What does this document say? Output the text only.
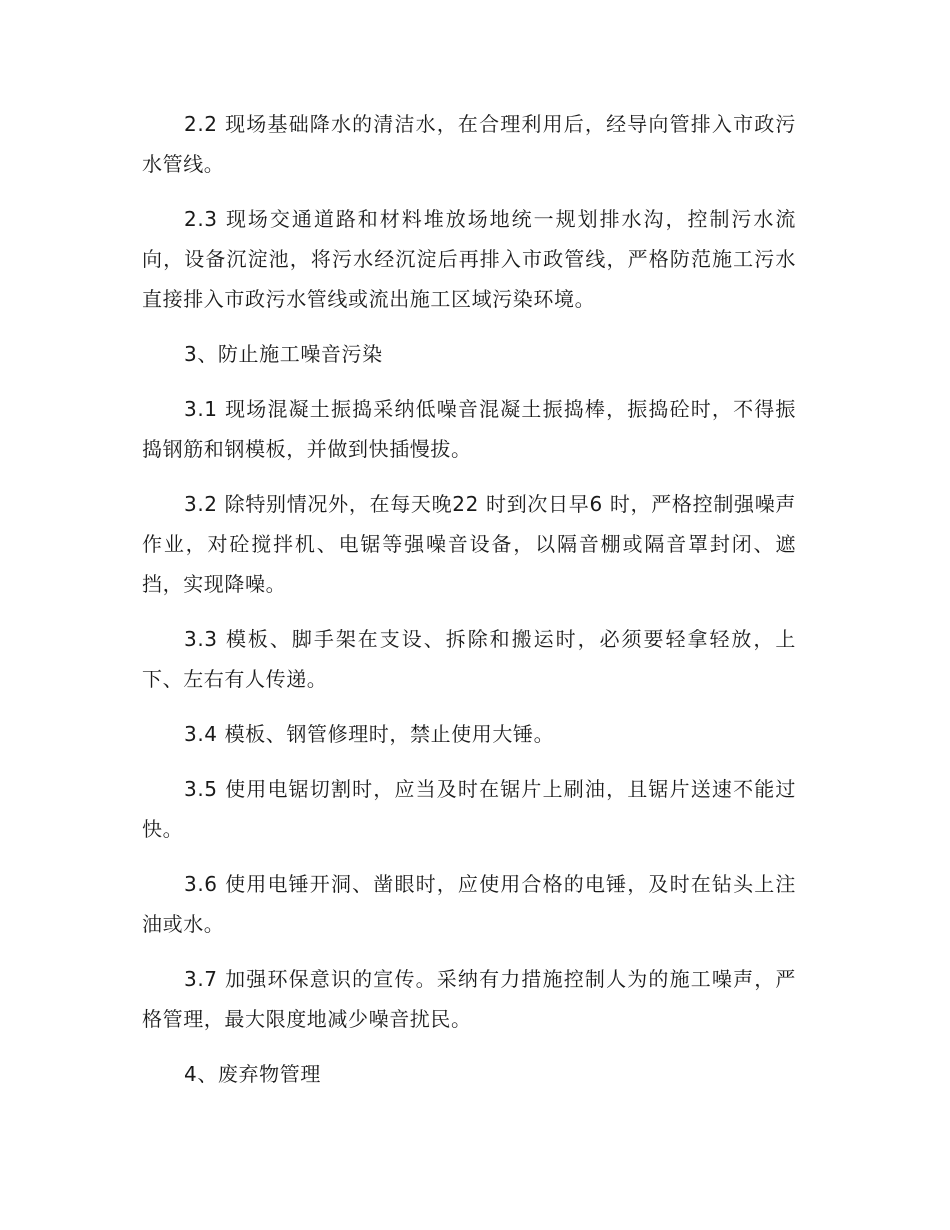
2.2 现场基础降水的清洁水，在合理利用后，经导向管排入市政污水管线。

2.3 现场交通道路和材料堆放场地统一规划排水沟，控制污水流向，设备沉淀池，将污水经沉淀后再排入市政管线，严格防范施工污水直接排入市政污水管线或流出施工区域污染环境。

3、防止施工噪音污染

3.1 现场混凝土振捣采纳低噪音混凝土振捣棒，振捣砼时，不得振捣钢筋和钢模板，并做到快插慢拔。

3.2 除特别情况外，在每天晚22 时到次日早6 时，严格控制强噪声作业，对砼搅拌机、电锯等强噪音设备，以隔音棚或隔音罩封闭、遮挡，实现降噪。

3.3 模板、脚手架在支设、拆除和搬运时，必须要轻拿轻放，上下、左右有人传递。

3.4 模板、钢管修理时，禁止使用大锤。

3.5 使用电锯切割时，应当及时在锯片上刷油，且锯片送速不能过快。

3.6 使用电锤开洞、凿眼时，应使用合格的电锤，及时在钻头上注油或水。

3.7 加强环保意识的宣传。采纳有力措施控制人为的施工噪声，严格管理，最大限度地减少噪音扰民。

4、废弃物管理
